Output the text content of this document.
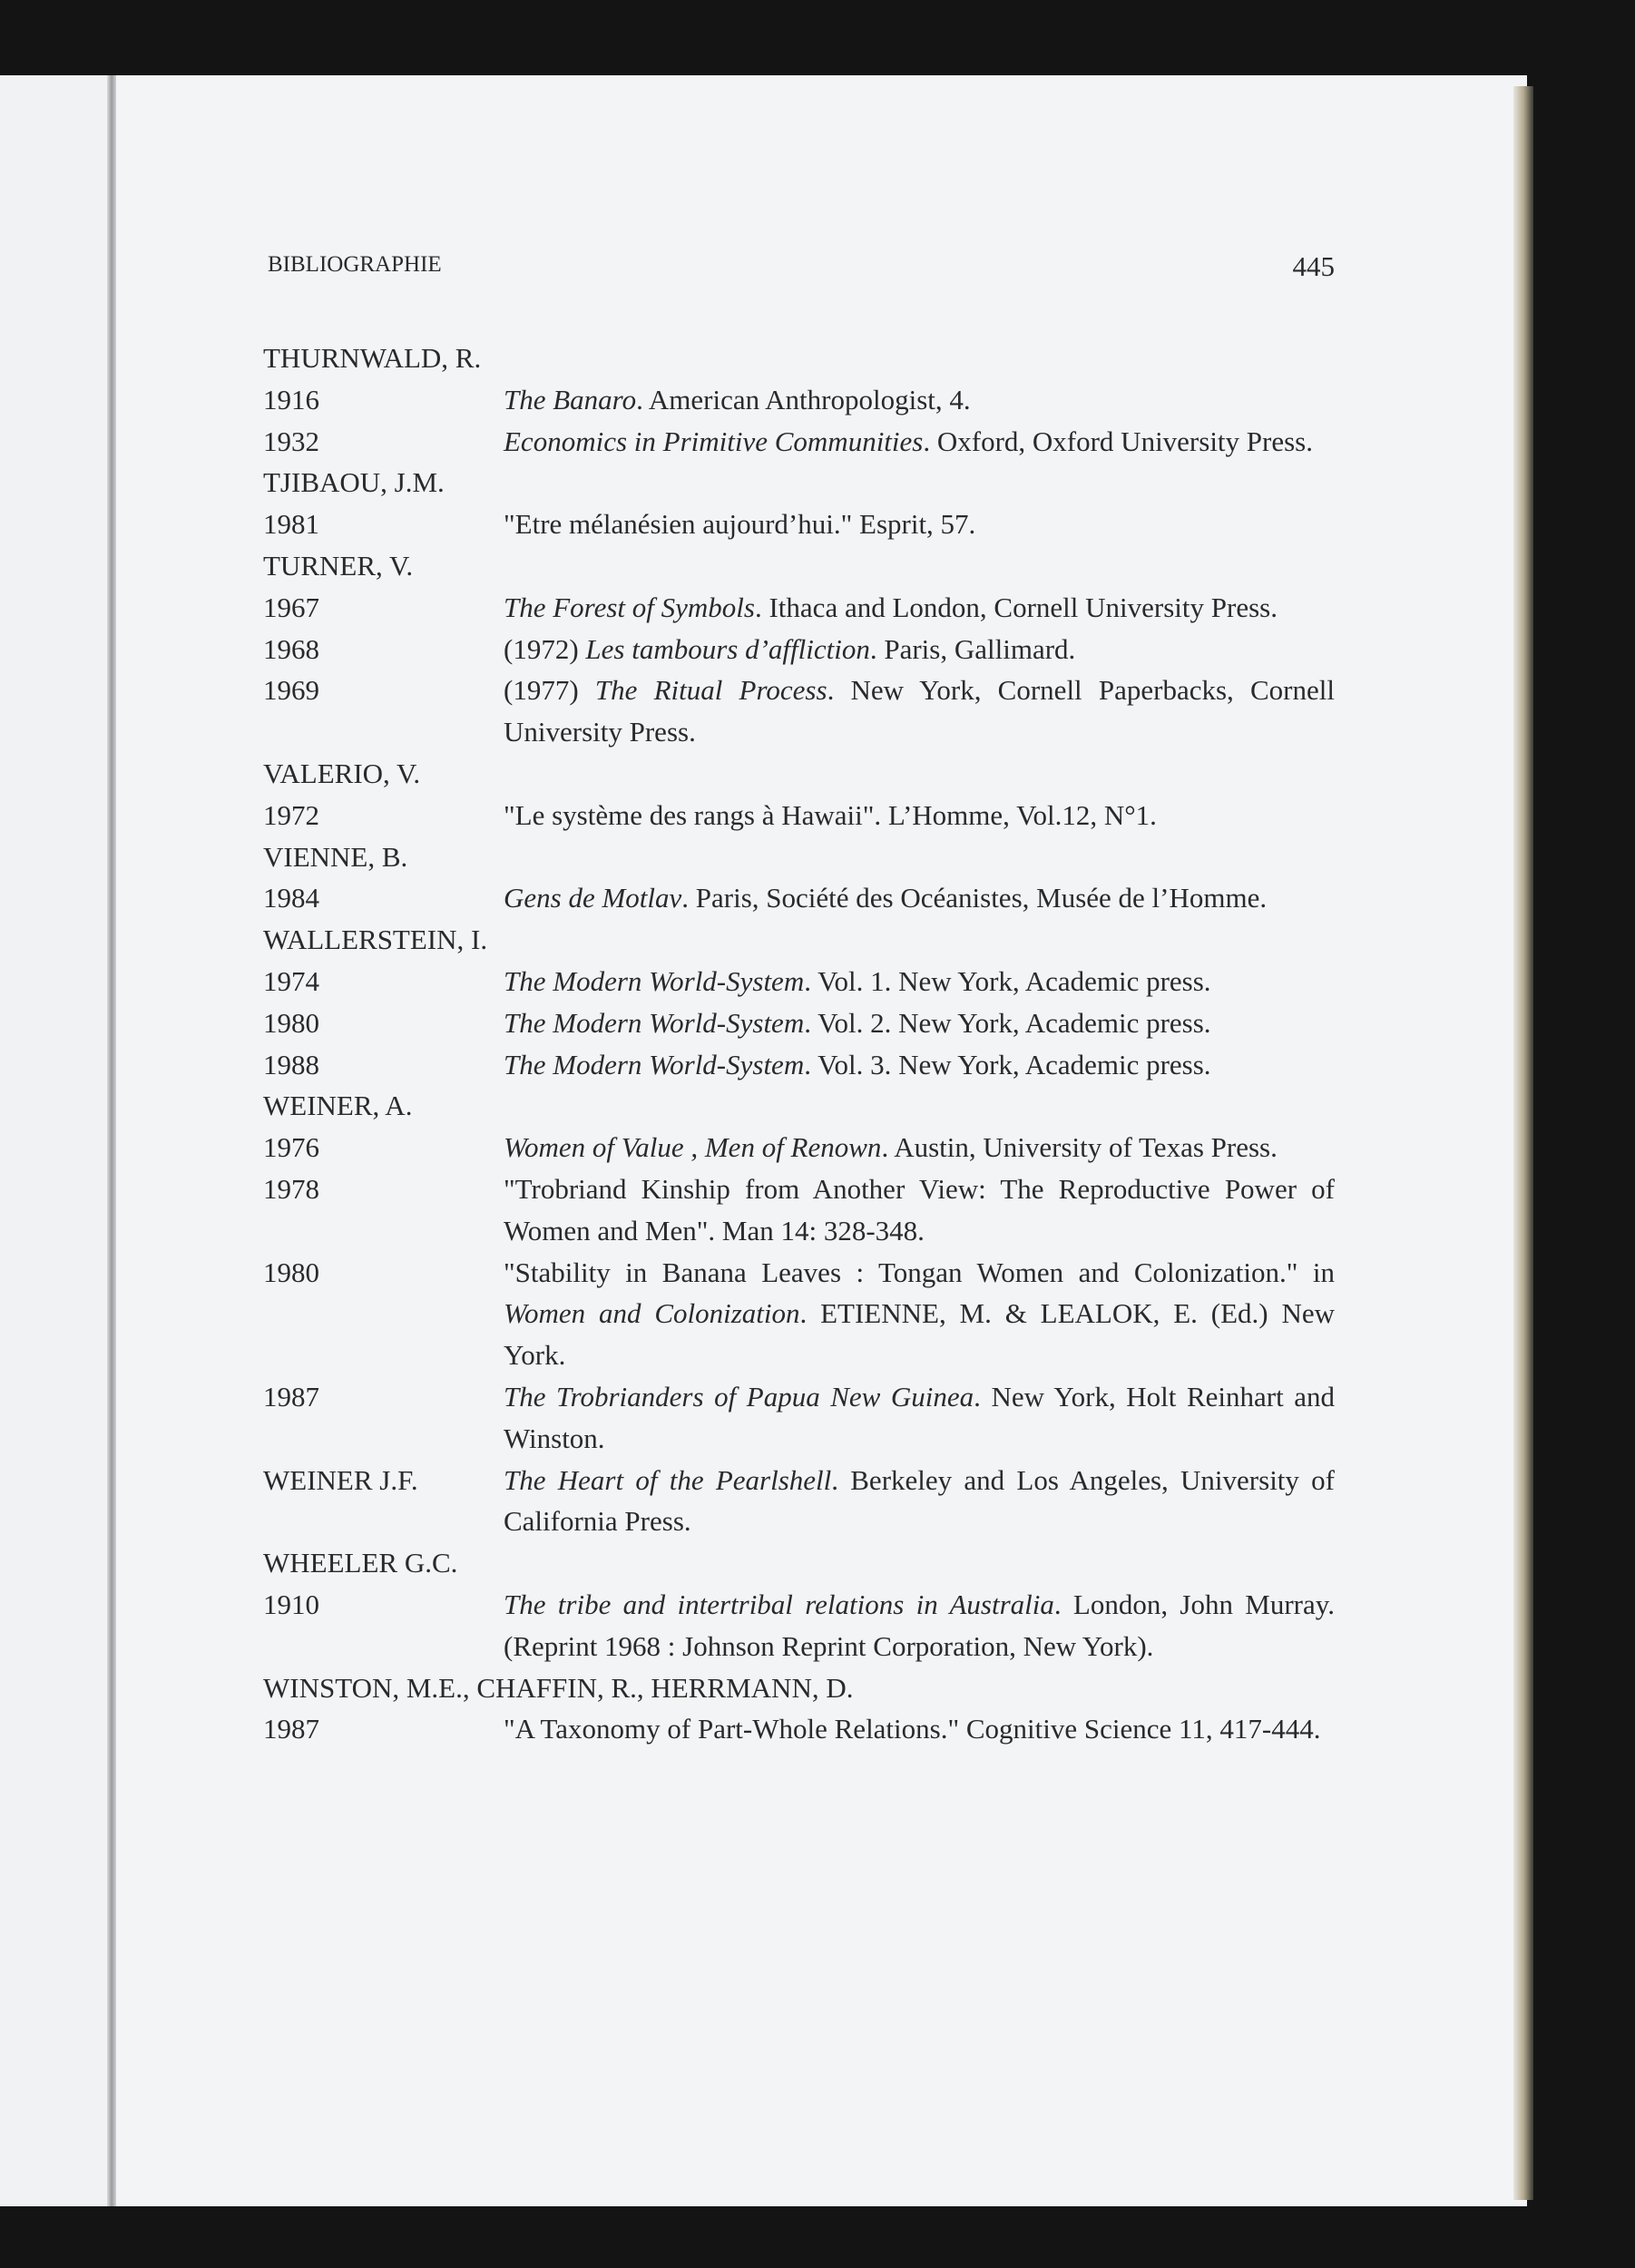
BIBLIOGRAPHIE	445
THURNWALD, R.
1916	The Banaro. American Anthropologist, 4.
1932	Economics in Primitive Communities. Oxford, Oxford University Press.
TJIBAOU, J.M.
1981	"Etre mélanésien aujourd’hui." Esprit, 57.
TURNER, V.
1967	The Forest of Symbols. Ithaca and London, Cornell University Press.
1968	(1972) Les tambours d’affliction. Paris, Gallimard.
1969	(1977) The Ritual Process. New York, Cornell Paperbacks, Cornell University Press.
VALERIO, V.
1972	"Le système des rangs à Hawaii". L’Homme, Vol.12, N°1.
VIENNE, B.
1984	Gens de Motlav. Paris, Société des Océanistes, Musée de l’Homme.
WALLERSTEIN, I.
1974	The Modern World-System. Vol. 1. New York, Academic press.
1980	The Modern World-System. Vol. 2. New York, Academic press.
1988	The Modern World-System. Vol. 3. New York, Academic press.
WEINER, A.
1976	Women of Value , Men of Renown. Austin, University of Texas Press.
1978	"Trobriand Kinship from Another View: The Reproductive Power of Women and Men". Man 14: 328-348.
1980	"Stability in Banana Leaves : Tongan Women and Colonization." in Women and Colonization. ETIENNE, M. & LEALOK, E. (Ed.) New York.
1987	The Trobrianders of Papua New Guinea. New York, Holt Reinhart and Winston.
WEINER J.F.	The Heart of the Pearlshell. Berkeley and Los Angeles, University of California Press.
WHEELER G.C.
1910	The tribe and intertribal relations in Australia. London, John Murray. (Reprint 1968 : Johnson Reprint Corporation, New York).
WINSTON, M.E., CHAFFIN, R., HERRMANN, D.
1987	"A Taxonomy of Part-Whole Relations." Cognitive Science 11, 417-444.
